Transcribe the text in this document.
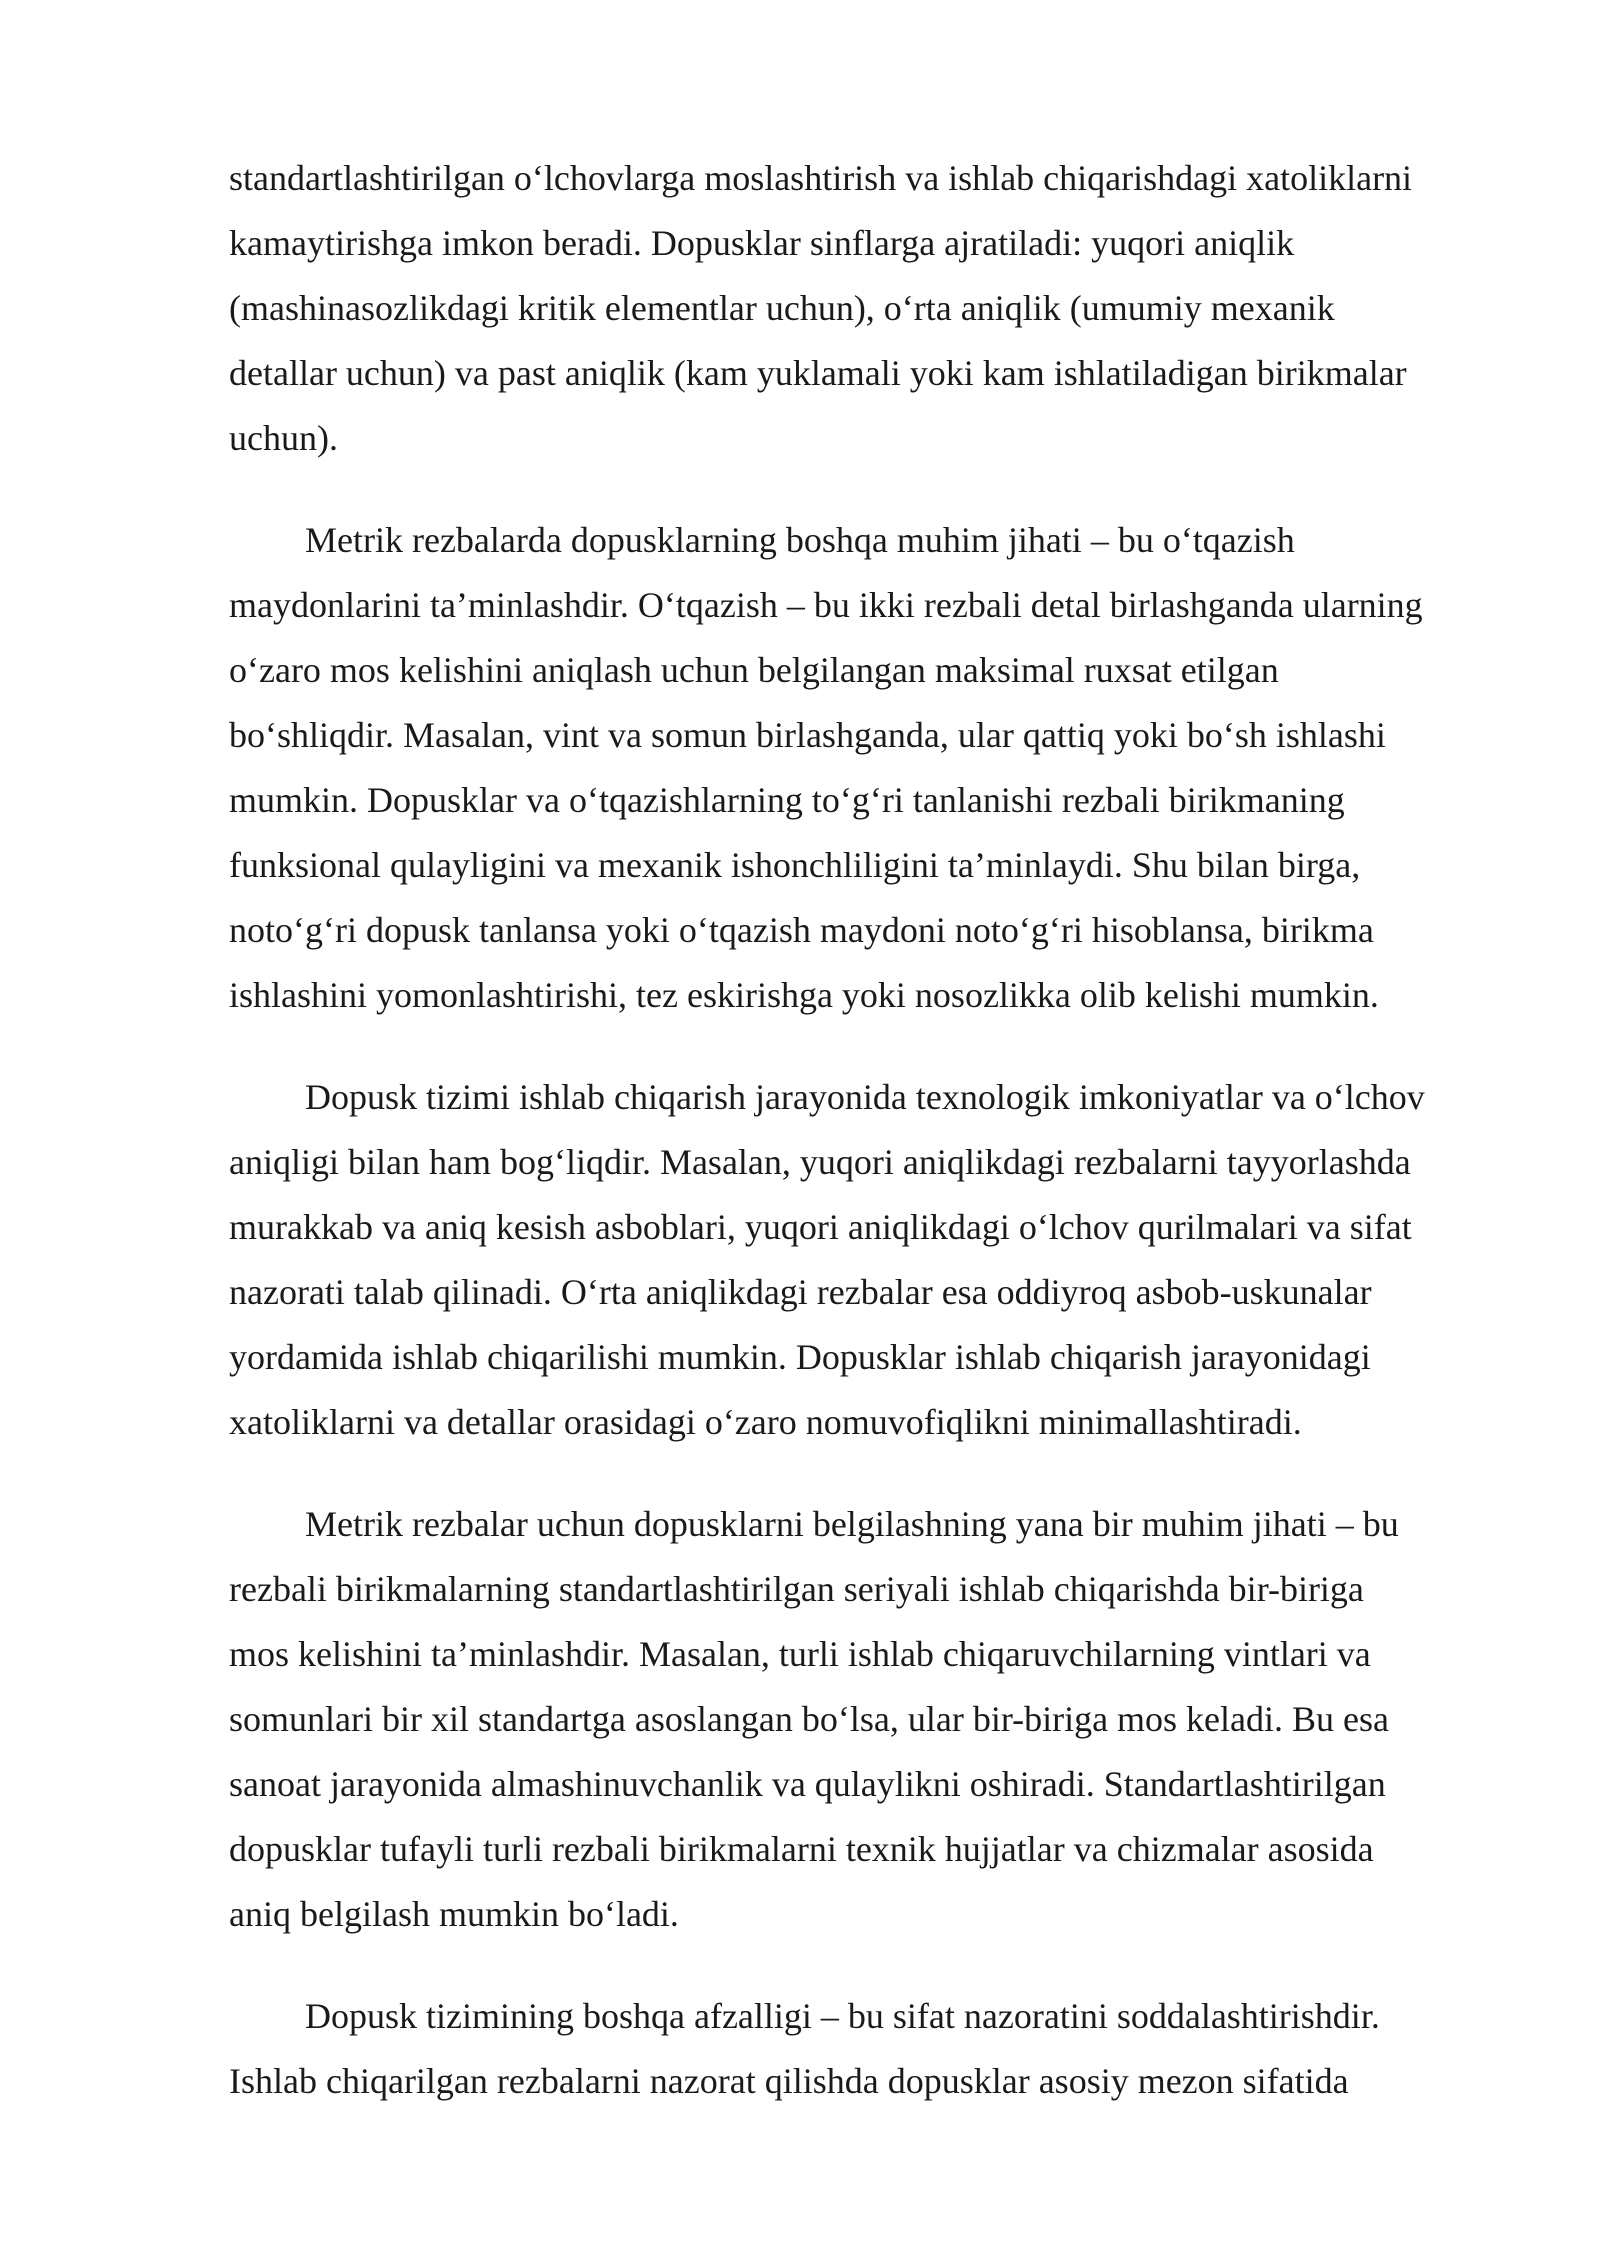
standartlashtirilgan o‘lchovlarga moslashtirish va ishlab chiqarishdagi xatoliklarni
kamaytirishga imkon beradi. Dopusklar sinflarga ajratiladi: yuqori aniqlik
(mashinasozlikdagi kritik elementlar uchun), o‘rta aniqlik (umumiy mexanik
detallar uchun) va past aniqlik (kam yuklamali yoki kam ishlatiladigan birikmalar
uchun).

Metrik rezbalarda dopusklarning boshqa muhim jihati – bu o‘tqazish
maydonlarini ta’minlashdir. O‘tqazish – bu ikki rezbali detal birlashganda ularning
o‘zaro mos kelishini aniqlash uchun belgilangan maksimal ruxsat etilgan
bo‘shliqdir. Masalan, vint va somun birlashganda, ular qattiq yoki bo‘sh ishlashi
mumkin. Dopusklar va o‘tqazishlarning to‘g‘ri tanlanishi rezbali birikmaning
funksional qulayligini va mexanik ishonchliligini ta’minlaydi. Shu bilan birga,
noto‘g‘ri dopusk tanlansa yoki o‘tqazish maydoni noto‘g‘ri hisoblansa, birikma
ishlashini yomonlashtirishi, tez eskirishga yoki nosozlikka olib kelishi mumkin.

Dopusk tizimi ishlab chiqarish jarayonida texnologik imkoniyatlar va o‘lchov
aniqligi bilan ham bog‘liqdir. Masalan, yuqori aniqlikdagi rezbalarni tayyorlashda
murakkab va aniq kesish asboblari, yuqori aniqlikdagi o‘lchov qurilmalari va sifat
nazorati talab qilinadi. O‘rta aniqlikdagi rezbalar esa oddiyroq asbob-uskunalar
yordamida ishlab chiqarilishi mumkin. Dopusklar ishlab chiqarish jarayonidagi
xatoliklarni va detallar orasidagi o‘zaro nomuvofiqlikni minimallashtiradi.

Metrik rezbalar uchun dopusklarni belgilashning yana bir muhim jihati – bu
rezbali birikmalarning standartlashtirilgan seriyali ishlab chiqarishda bir-biriga
mos kelishini ta’minlashdir. Masalan, turli ishlab chiqaruvchilarning vintlari va
somunlari bir xil standartga asoslangan bo‘lsa, ular bir-biriga mos keladi. Bu esa
sanoat jarayonida almashinuvchanlik va qulaylikni oshiradi. Standartlashtirilgan
dopusklar tufayli turli rezbali birikmalarni texnik hujjatlar va chizmalar asosida
aniq belgilash mumkin bo‘ladi.

Dopusk tizimining boshqa afzalligi – bu sifat nazoratini soddalashtirishdir.
Ishlab chiqarilgan rezbalarni nazorat qilishda dopusklar asosiy mezon sifatida
